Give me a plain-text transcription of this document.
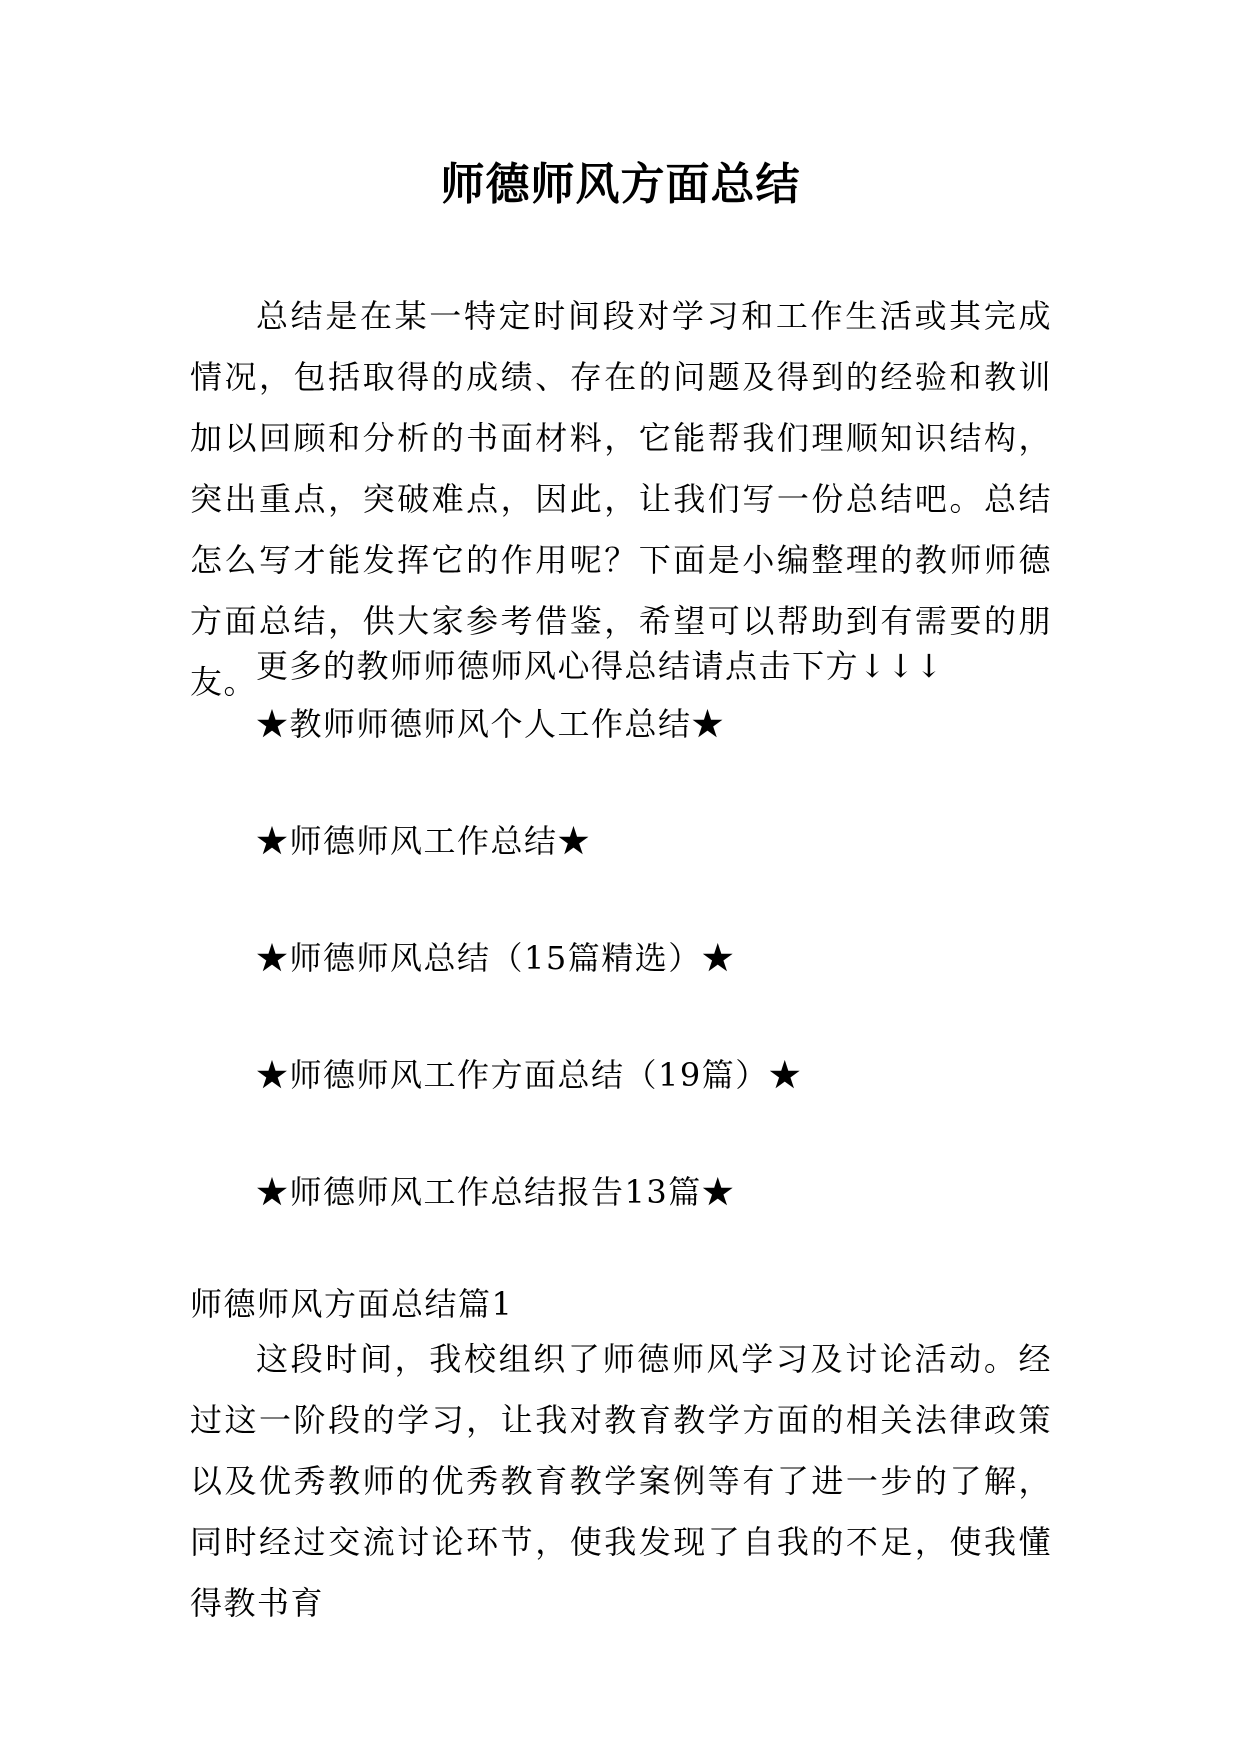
师德师风方面总结
总结是在某一特定时间段对学习和工作生活或其完成情况，包括取得的成绩、存在的问题及得到的经验和教训加以回顾和分析的书面材料，它能帮我们理顺知识结构，突出重点，突破难点，因此，让我们写一份总结吧。总结怎么写才能发挥它的作用呢？下面是小编整理的教师师德方面总结，供大家参考借鉴，希望可以帮助到有需要的朋友。
更多的教师师德师风心得总结请点击下方↓↓↓
★教师师德师风个人工作总结★
★师德师风工作总结★
★师德师风总结（15篇精选）★
★师德师风工作方面总结（19篇）★
★师德师风工作总结报告13篇★
师德师风方面总结篇1
这段时间，我校组织了师德师风学习及讨论活动。经过这一阶段的学习，让我对教育教学方面的相关法律政策以及优秀教师的优秀教育教学案例等有了进一步的了解，同时经过交流讨论环节，使我发现了自我的不足，使我懂得教书育
